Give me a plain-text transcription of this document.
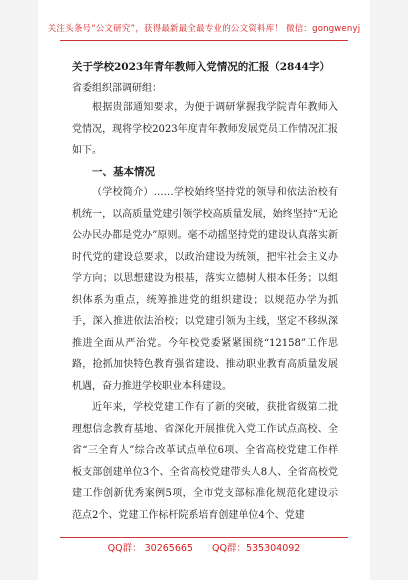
关注头条号“公文研究”，获得最新最全最专业的公文资料库！ 微信：gongwenyj
关于学校2023年青年教师入党情况的汇报（2844字）
省委组织部调研组：

根据贵部通知要求，为便于调研掌握我学院青年教师入党情况，现将学校2023年度青年教师发展党员工作情况汇报如下。

一、基本情况

（学校简介）……学校始终坚持党的领导和依法治校有机统一，以高质量党建引领学校高质量发展，始终坚持“无论公办民办都是党办”原则。毫不动摇坚持党的建设认真落实新时代党的建设总要求，以政治建设为统领，把牢社会主义办学方向；以思想建设为根基，落实立德树人根本任务；以组织体系为重点，统筹推进党的组织建设；以规范办学为抓手，深入推进依法治校；以党建引领为主线，坚定不移纵深推进全面从严治党。今年校党委紧紧围绕“12158”工作思路，抢抓加快特色教育强省建设、推动职业教育高质量发展机遇，奋力推进学校职业本科建设。

近年来，学校党建工作有了新的突破，获批省级第二批理想信念教育基地、省深化开展推优入党工作试点高校、全省“三全育人”综合改革试点单位6项、全省高校党建工作样板支部创建单位3个、全省高校党建带头人8人、全省高校党建工作创新优秀案例5项，全市党支部标准化规范化建设示范点2个、党建工作标杆院系培育创建单位4个、党建

QQ群： 30265665 QQ群：535304092
